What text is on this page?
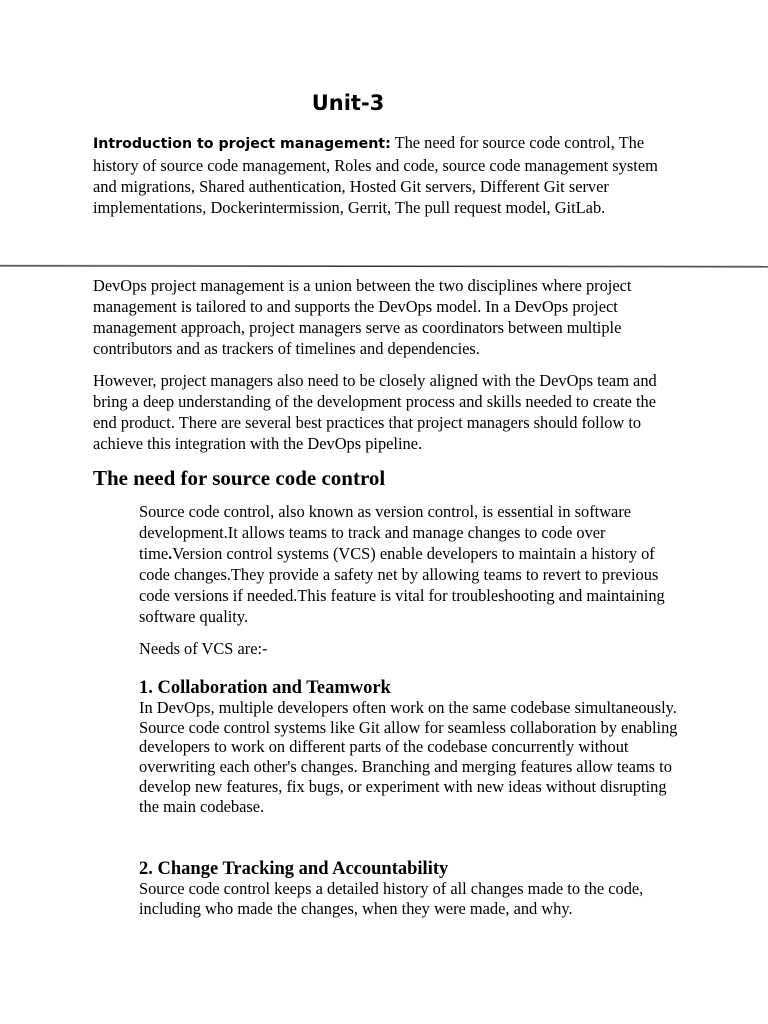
Unit-3
Introduction to project management: The need for source code control, The history of source code management, Roles and code, source code management system and migrations, Shared authentication, Hosted Git servers, Different Git server implementations, Dockerintermission, Gerrit, The pull request model, GitLab.

DevOps project management is a union between the two disciplines where project management is tailored to and supports the DevOps model. In a DevOps project management approach, project managers serve as coordinators between multiple contributors and as trackers of timelines and dependencies.

However, project managers also need to be closely aligned with the DevOps team and bring a deep understanding of the development process and skills needed to create the end product. There are several best practices that project managers should follow to achieve this integration with the DevOps pipeline.

The need for source code control

Source code control, also known as version control, is essential in software development.It allows teams to track and manage changes to code over time.Version control systems (VCS) enable developers to maintain a history of code changes.They provide a safety net by allowing teams to revert to previous code versions if needed.This feature is vital for troubleshooting and maintaining software quality.

Needs of VCS are:-

1. Collaboration and Teamwork

In DevOps, multiple developers often work on the same codebase simultaneously. Source code control systems like Git allow for seamless collaboration by enabling developers to work on different parts of the codebase concurrently without overwriting each other's changes. Branching and merging features allow teams to develop new features, fix bugs, or experiment with new ideas without disrupting the main codebase.

2. Change Tracking and Accountability

Source code control keeps a detailed history of all changes made to the code, including who made the changes, when they were made, and why.
